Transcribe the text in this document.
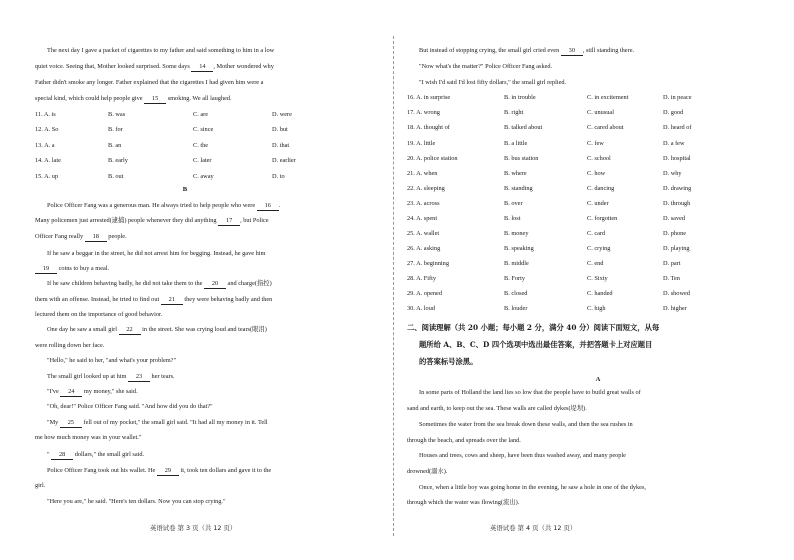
The next day I gave a packet of cigarettes to my father and said something to him in a low
quiet voice. Seeing that, Mother looked surprised. Some days 14 , Mother wondered why
Father didn't smoke any longer. Father explained that the cigarettes I had given him were a
special kind, which could help people give 15 smoking. We all laughed.
11. A. is	B. was	C. are	D. were
12. A. So	B. for	C. since	D. but
13. A. a	B. an	C. the	D. that
14. A. late	B. early	C. later	D. earlier
15. A. up	B. out	C. away	D. to
B
Police Officer Fang was a generous man. He always tried to help people who were 16 .
Many policemen just arrested(逮捕) people whenever they did anything 17 , but Police
Officer Fang really 18 people.
If he saw a beggar in the street, he did not arrest him for begging. Instead, he gave him
19 coins to buy a meal.
If he saw children behaving badly, he did not take them to the 20 and charge(指控)
them with an offense. Instead, he tried to find out 21 they were behaving badly and then
lectured them on the importance of good behavior.
One day he saw a small girl 22 in the street. She was crying loud and tears(眼泪)
were rolling down her face.
"Hello," he said to her, "and what's your problem?"
The small girl looked up at him 23 her tears.
"I've 24 my money," she said.
"Oh, dear!" Police Officer Fang said. "And how did you do that?"
"My 25 fell out of my pocket," the small girl said. "It had all my money in it. Tell
me how much money was in your wallet."
" 28 dollars," the small girl said.
Police Officer Fang took out his wallet. He 29 it, took ten dollars and gave it to the
girl.
"Here you are," he said. "Here's ten dollars. Now you can stop crying."
英语试卷 第 3 页（共 12 页）
But instead of stopping crying, the small girl cried even 30 , still standing there.
"Now what's the matter?" Police Officer Fang asked.
"I wish I'd said I'd lost fifty dollars," the small girl replied.
16. A. in surprise	B. in trouble	C. in excitement	D. in peace
17. A. wrong	B. right	C. unusual	D. good
18. A. thought of	B. talked about	C. cared about	D. heard of
19. A. little	B. a little	C. few	D. a few
20. A. police station	B. bus station	C. school	D. hospital
21. A. when	B. where	C. how	D. why
22. A. sleeping	B. standing	C. dancing	D. drawing
23. A. across	B. over	C. under	D. through
24. A. spent	B. lost	C. forgotten	D. saved
25. A. wallet	B. money	C. card	D. phone
26. A. asking	B. speaking	C. crying	D. playing
27. A. beginning	B. middle	C. end	D. part
28. A. Fifty	B. Forty	C. Sixty	D. Ten
29. A. opened	B. closed	C. handed	D. showed
30. A. loud	B. louder	C. high	D. higher
二、阅读理解（共 20 小题；每小题 2 分，满分 40 分）阅读下面短文，从每
题所给 A、B、C、D 四个选项中选出最佳答案，并把答题卡上对应题目
的答案标号涂黑。
A
In some parts of Holland the land lies so low that the people have to build great walls of
sand and earth, to keep out the sea. These walls are called dykes(堤坝).
Sometimes the water from the sea break down these walls, and then the sea rushes in
through the beach, and spreads over the land.
Houses and trees, cows and sheep, have been thus washed away, and many people
drowned(溺水).
Once, when a little boy was going home in the evening, he saw a hole in one of the dykes,
through which the water was flowing(流出).
英语试卷 第 4 页（共 12 页）
